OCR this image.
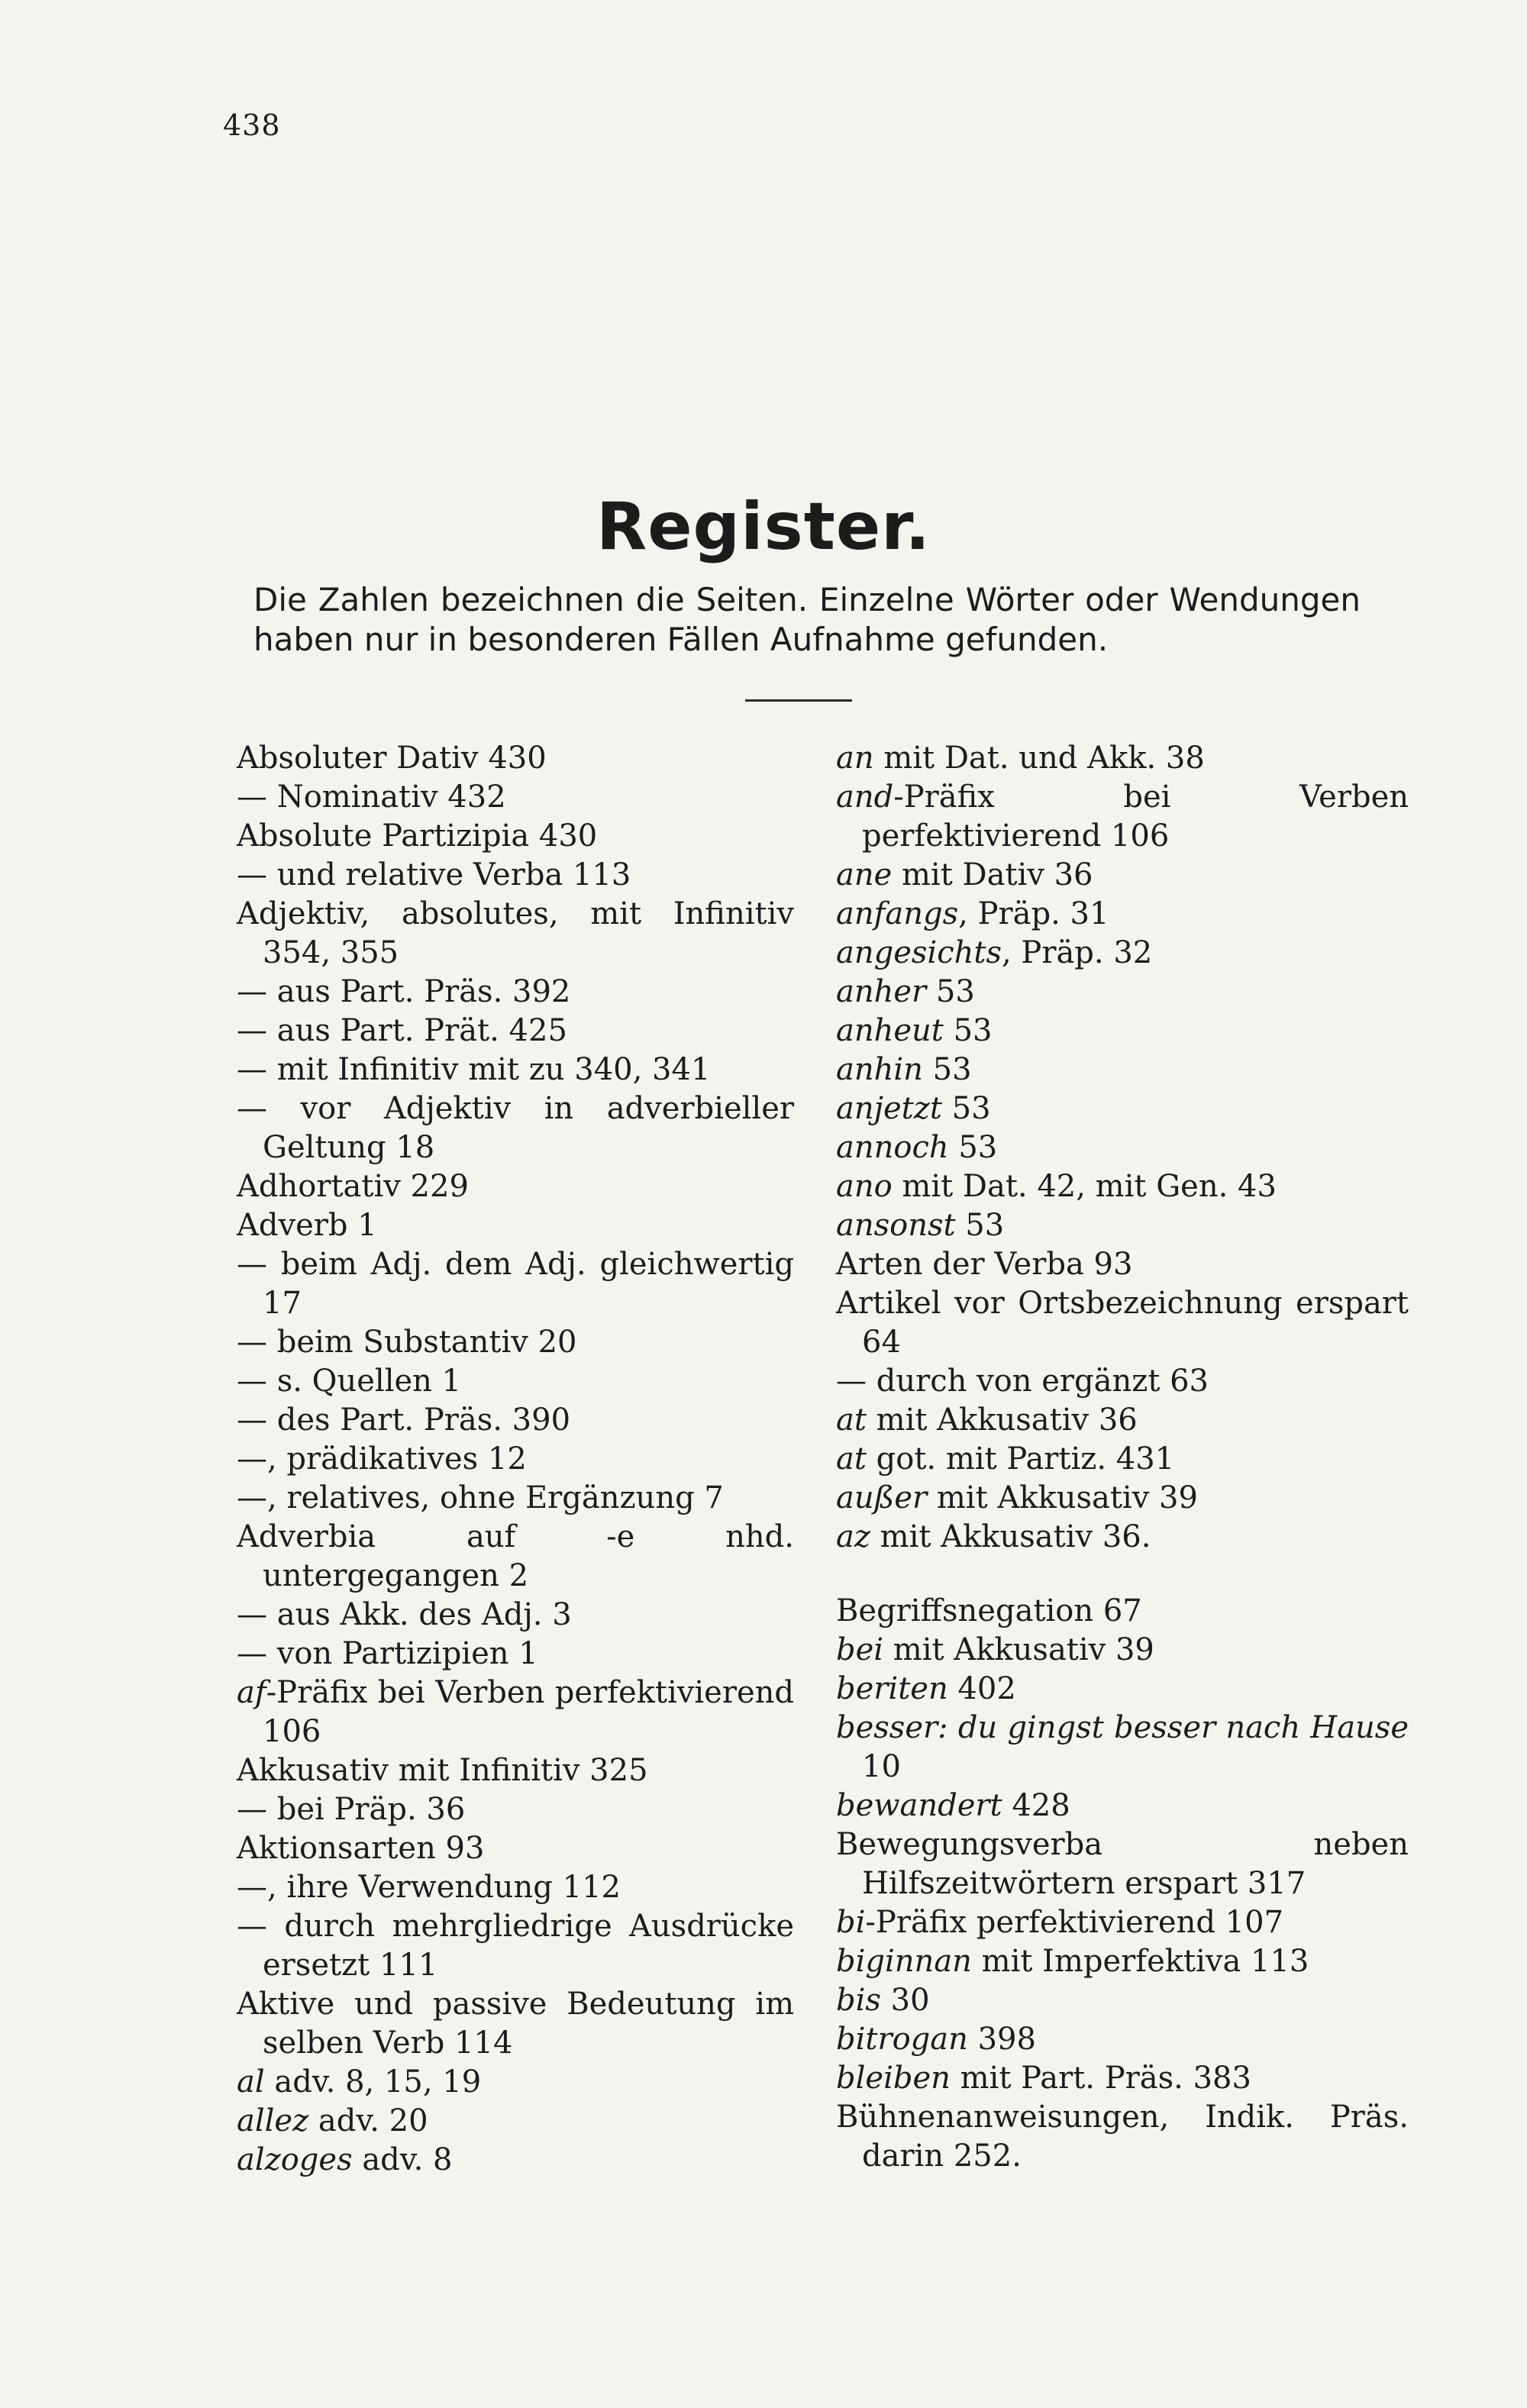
438
Register.
Die Zahlen bezeichnen die Seiten. Einzelne Wörter oder Wendungen haben nur in besonderen Fällen Aufnahme gefunden.
Absoluter Dativ 430
— Nominativ 432
Absolute Partizipia 430
— und relative Verba 113
Adjektiv, absolutes, mit Infinitiv 354, 355
— aus Part. Präs. 392
— aus Part. Prät. 425
— mit Infinitiv mit zu 340, 341
— vor Adjektiv in adverbieller Geltung 18
Adhortativ 229
Adverb 1
— beim Adj. dem Adj. gleichwertig 17
— beim Substantiv 20
— s. Quellen 1
— des Part. Präs. 390
—, prädikatives 12
—, relatives, ohne Ergänzung 7
Adverbia auf -e nhd. untergegangen 2
— aus Akk. des Adj. 3
— von Partizipien 1
af-Präfix bei Verben perfektivierend 106
Akkusativ mit Infinitiv 325
— bei Präp. 36
Aktionsarten 93
—, ihre Verwendung 112
— durch mehrgliedrige Ausdrücke ersetzt 111
Aktive und passive Bedeutung im selben Verb 114
al adv. 8, 15, 19
allez adv. 20
alzoges adv. 8
an mit Dat. und Akk. 38
and-Präfix bei Verben perfektivierend 106
ane mit Dativ 36
anfangs, Präp. 31
angesichts, Präp. 32
anher 53
anheut 53
anhin 53
anjetzt 53
annoch 53
ano mit Dat. 42, mit Gen. 43
ansonst 53
Arten der Verba 93
Artikel vor Ortsbezeichnung erspart 64
— durch von ergänzt 63
at mit Akkusativ 36
at got. mit Partiz. 431
außer mit Akkusativ 39
az mit Akkusativ 36.
Begriffsnegation 67
bei mit Akkusativ 39
beriten 402
besser: du gingst besser nach Hause 10
bewandert 428
Bewegungsverba neben Hilfszeitwörtern erspart 317
bi-Präfix perfektivierend 107
biginnan mit Imperfektiva 113
bis 30
bitrogan 398
bleiben mit Part. Präs. 383
Bühnenanweisungen, Indik. Präs. darin 252.
